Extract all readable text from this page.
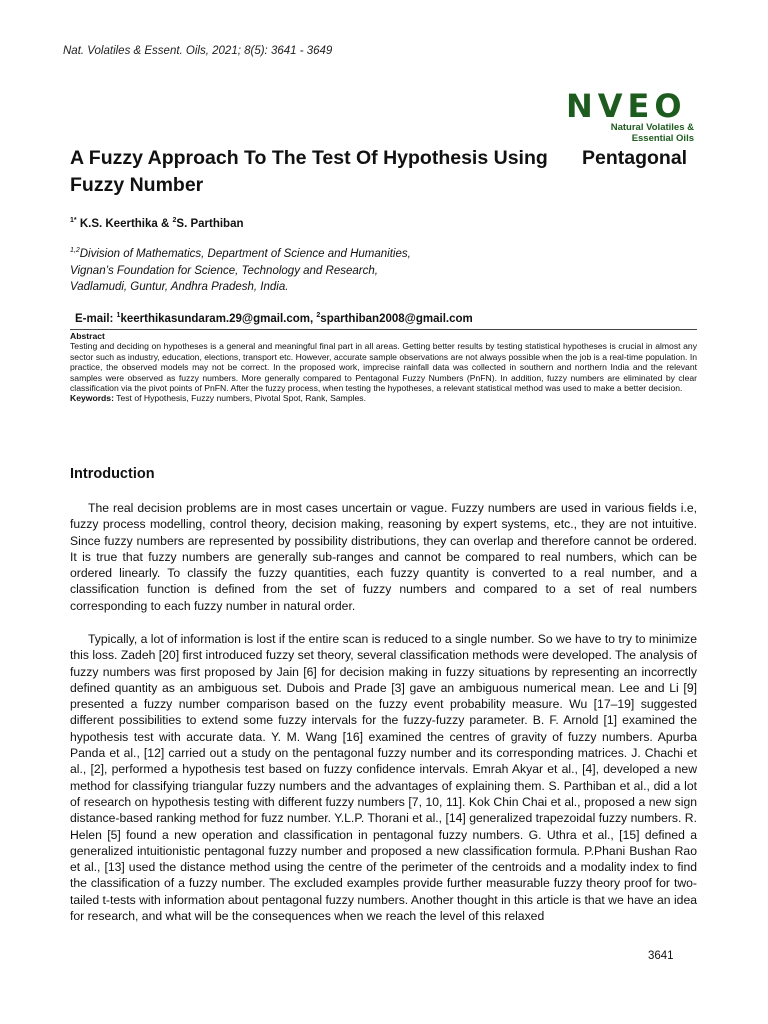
Nat. Volatiles & Essent. Oils, 2021; 8(5): 3641 - 3649
NVEO
Natural Volatiles &
Essential Oils
A Fuzzy Approach To The Test Of Hypothesis Using Pentagonal
Fuzzy Number
$^{1*}$ K.S. Keerthika & $^2$S. Parthiban
$^{1,2}$Division of Mathematics, Department of Science and Humanities,
Vignan’s Foundation for Science, Technology and Research,
Vadlamudi, Guntur, Andhra Pradesh, India.
E-mail: $^1$keerthikasundaram.29@gmail.com, $^2$sparthiban2008@gmail.com
Abstract

Testing and deciding on hypotheses is a general and meaningful final part in all areas. Getting better results by testing statistical hypotheses is crucial in almost any sector such as industry, education, elections, transport etc. However, accurate sample observations are not always possible when the job is a real-time population. In practice, the observed models may not be correct. In the proposed work, imprecise rainfall data was collected in southern and northern India and the relevant samples were observed as fuzzy numbers. More generally compared to Pentagonal Fuzzy Numbers (PnFN). In addition, fuzzy numbers are eliminated by clear classification via the pivot points of PnFN. After the fuzzy process, when testing the hypotheses, a relevant statistical method was used to make a better decision.

Keywords: Test of Hypothesis, Fuzzy numbers, Pivotal Spot, Rank, Samples.

Introduction

The real decision problems are in most cases uncertain or vague. Fuzzy numbers are used in various fields i.e, fuzzy process modelling, control theory, decision making, reasoning by expert systems, etc., they are not intuitive. Since fuzzy numbers are represented by possibility distributions, they can overlap and therefore cannot be ordered. It is true that fuzzy numbers are generally sub-ranges and cannot be compared to real numbers, which can be ordered linearly. To classify the fuzzy quantities, each fuzzy quantity is converted to a real number, and a classification function is defined from the set of fuzzy numbers and compared to a set of real numbers corresponding to each fuzzy number in natural order.

Typically, a lot of information is lost if the entire scan is reduced to a single number. So we have to try to minimize this loss. Zadeh [20] first introduced fuzzy set theory, several classification methods were developed. The analysis of fuzzy numbers was first proposed by Jain [6] for decision making in fuzzy situations by representing an incorrectly defined quantity as an ambiguous set. Dubois and Prade [3] gave an ambiguous numerical mean. Lee and Li [9] presented a fuzzy number comparison based on the fuzzy event probability measure. Wu [17–19] suggested different possibilities to extend some fuzzy intervals for the fuzzy-fuzzy parameter. B. F. Arnold [1] examined the hypothesis test with accurate data. Y. M. Wang [16] examined the centres of gravity of fuzzy numbers. Apurba Panda et al., [12] carried out a study on the pentagonal fuzzy number and its corresponding matrices. J. Chachi et al., [2], performed a hypothesis test based on fuzzy confidence intervals. Emrah Akyar et al., [4], developed a new method for classifying triangular fuzzy numbers and the advantages of explaining them. S. Parthiban et al., did a lot of research on hypothesis testing with different fuzzy numbers [7, 10, 11]. Kok Chin Chai et al., proposed a new sign distance-based ranking method for fuzz number. Y.L.P. Thorani et al., [14] generalized trapezoidal fuzzy numbers. R. Helen [5] found a new operation and classification in pentagonal fuzzy numbers. G. Uthra et al., [15] defined a generalized intuitionistic pentagonal fuzzy number and proposed a new classification formula. P.Phani Bushan Rao et al., [13] used the distance method using the centre of the perimeter of the centroids and a modality index to find the classification of a fuzzy number. The excluded examples provide further measurable fuzzy theory proof for two-tailed t-tests with information about pentagonal fuzzy numbers. Another thought in this article is that we have an idea for research, and what will be the consequences when we reach the level of this relaxed

3641
